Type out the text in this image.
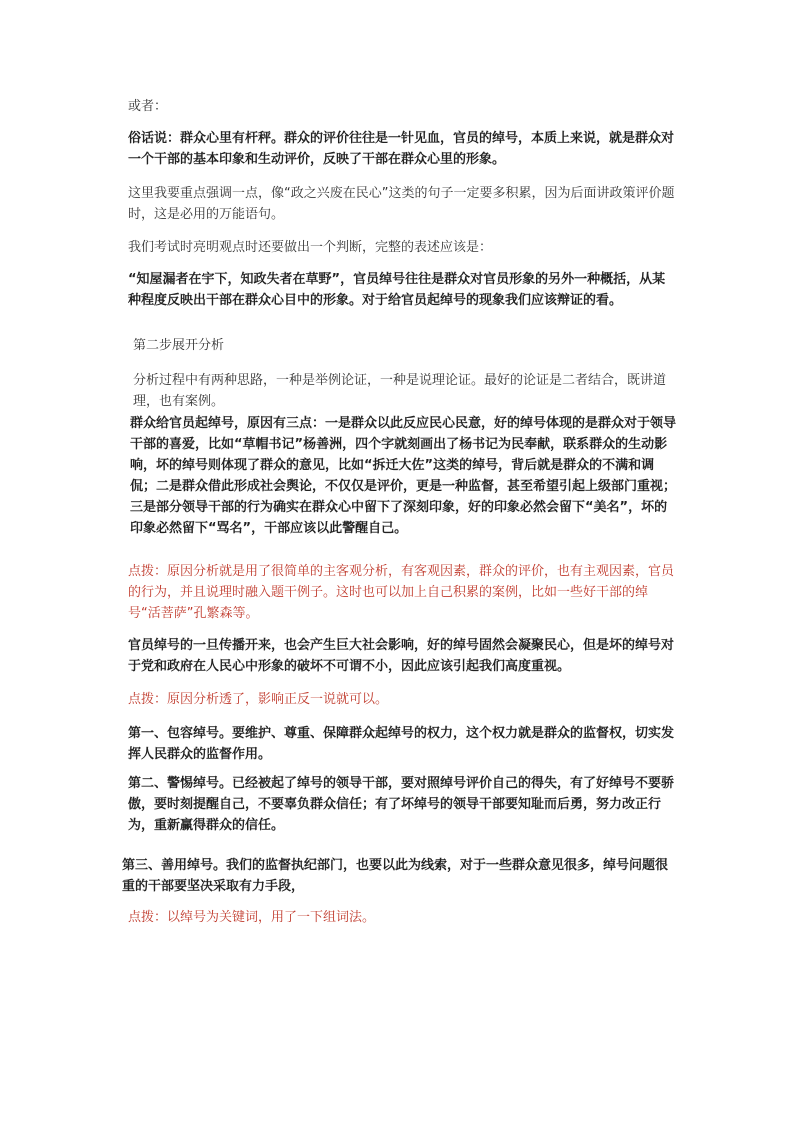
或者：

俗话说：群众心里有杆秤。群众的评价往往是一针见血，官员的绰号，本质上来说，就是群众对一个干部的基本印象和生动评价，反映了干部在群众心里的形象。

这里我要重点强调一点，像“政之兴废在民心”这类的句子一定要多积累，因为后面讲政策评价题时，这是必用的万能语句。

我们考试时亮明观点时还要做出一个判断，完整的表述应该是：

“知屋漏者在宇下，知政失者在草野”，官员绰号往往是群众对官员形象的另外一种概括，从某种程度反映出干部在群众心目中的形象。对于给官员起绰号的现象我们应该辩证的看。

第二步展开分析

分析过程中有两种思路，一种是举例论证，一种是说理论证。最好的论证是二者结合，既讲道理，也有案例。

群众给官员起绰号，原因有三点：一是群众以此反应民心民意，好的绰号体现的是群众对于领导干部的喜爱，比如“草帽书记”杨善洲，四个字就刻画出了杨书记为民奉献，联系群众的生动影响，坏的绰号则体现了群众的意见，比如“拆迁大佐”这类的绰号，背后就是群众的不满和调侃；二是群众借此形成社会舆论，不仅仅是评价，更是一种监督，甚至希望引起上级部门重视；三是部分领导干部的行为确实在群众心中留下了深刻印象，好的印象必然会留下“美名”，坏的印象必然留下“骂名”，干部应该以此警醒自己。

点拨：原因分析就是用了很简单的主客观分析，有客观因素，群众的评价，也有主观因素，官员的行为，并且说理时融入题干例子。这时也可以加上自己积累的案例，比如一些好干部的绰号“活菩萨”孔繁森等。

官员绰号的一旦传播开来，也会产生巨大社会影响，好的绰号固然会凝聚民心，但是坏的绰号对于党和政府在人民心中形象的破坏不可谓不小，因此应该引起我们高度重视。

点拨：原因分析透了，影响正反一说就可以。

第一、包容绰号。要维护、尊重、保障群众起绰号的权力，这个权力就是群众的监督权，切实发挥人民群众的监督作用。

第二、警惕绰号。已经被起了绰号的领导干部，要对照绰号评价自己的得失，有了好绰号不要骄傲，要时刻提醒自己，不要辜负群众信任；有了坏绰号的领导干部要知耻而后勇，努力改正行为，重新赢得群众的信任。

第三、善用绰号。我们的监督执纪部门，也要以此为线索，对于一些群众意见很多，绰号问题很重的干部要坚决采取有力手段，

点拨：以绰号为关键词，用了一下组词法。
